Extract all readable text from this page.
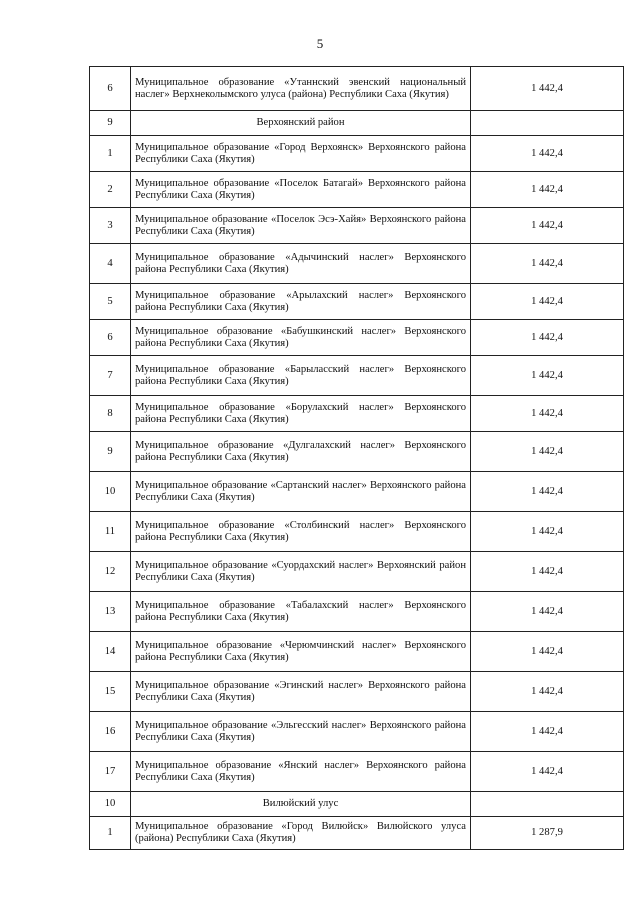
5
6	Муниципальное образование «Утаннский эвенский национальный наслег» Верхнеколымского улуса (района) Республики Саха (Якутия)	1 442,4
9	Верхоянский район	
1	Муниципальное образование «Город Верхоянск» Верхоянского района Республики Саха (Якутия)	1 442,4
2	Муниципальное образование «Поселок Батагай» Верхоянского района Республики Саха (Якутия)	1 442,4
3	Муниципальное образование «Поселок Эсэ-Хайя» Верхоянского района Республики Саха (Якутия)	1 442,4
4	Муниципальное образование «Адычинский наслег» Верхоянского района Республики Саха (Якутия)	1 442,4
5	Муниципальное образование «Арылахский наслег» Верхоянского района Республики Саха (Якутия)	1 442,4
6	Муниципальное образование «Бабушкинский наслег» Верхоянского района Республики Саха (Якутия)	1 442,4
7	Муниципальное образование «Барыласский наслег» Верхоянского района Республики Саха (Якутия)	1 442,4
8	Муниципальное образование «Борулахский наслег» Верхоянского района Республики Саха (Якутия)	1 442,4
9	Муниципальное образование «Дулгалахский наслег» Верхоянского района Республики Саха (Якутия)	1 442,4
10	Муниципальное образование «Сартанский наслег» Верхоянского района Республики Саха (Якутия)	1 442,4
11	Муниципальное образование «Столбинский наслег» Верхоянского района Республики Саха (Якутия)	1 442,4
12	Муниципальное образование «Суордахский наслег» Верхоянский район Республики Саха (Якутия)	1 442,4
13	Муниципальное образование «Табалахский наслег» Верхоянского района Республики Саха (Якутия)	1 442,4
14	Муниципальное образование «Черюмчинский наслег» Верхоянского района Республики Саха (Якутия)	1 442,4
15	Муниципальное образование «Эгинский наслег» Верхоянского района Республики Саха (Якутия)	1 442,4
16	Муниципальное образование «Эльгесский наслег» Верхоянского района Республики Саха (Якутия)	1 442,4
17	Муниципальное образование «Янский наслег» Верхоянского района Республики Саха (Якутия)	1 442,4
10	Вилюйский улус	
1	Муниципальное образование «Город Вилюйск» Вилюйского улуса (района) Республики Саха (Якутия)	1 287,9
